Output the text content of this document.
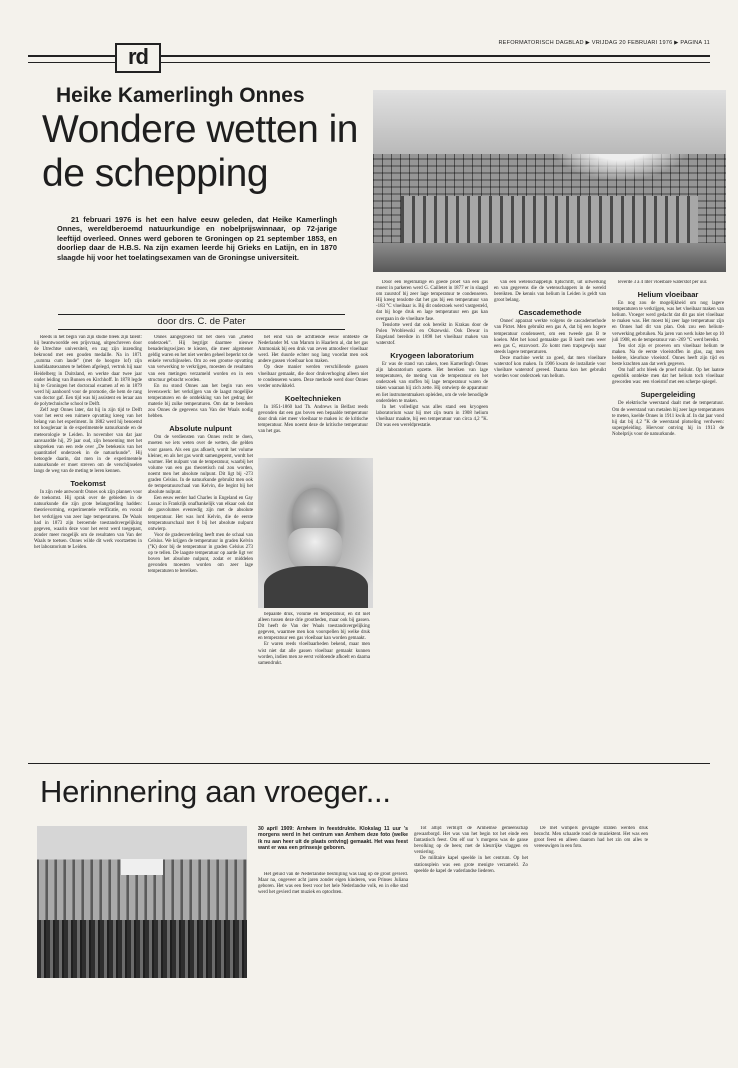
rd
REFORMATORISCH DAGBLAD ▶ VRIJDAG 20 FEBRUARI 1976 ▶ PAGINA 11
Heike Kamerlingh Onnes
Wondere wetten in de schepping
21 februari 1976 is het een halve eeuw geleden, dat Heike Kamerlingh Onnes, wereldberoemd natuurkundige en nobelprijswinnaar, op 72-jarige leeftijd overleed. Onnes werd geboren te Groningen op 21 september 1853, en doorliep daar de H.B.S. Na zijn examen leerde hij Grieks en Latijn, en in 1870 slaagde hij voor het toelatingsexamen van de Groningse universiteit.
door drs. C. de Pater

Reeds in het begin van zijn studie bleek zijn talent: hij beantwoordde een prijsvraag, uitgeschreven door de Utrechtse universiteit, en zag zijn inzending bekroond met een gouden medaille. Na in 1871 „summa cum laude” (met de hoogste lof) zijn kandidaatsexamen te hebben afgelegd, vertrok hij naar Heidelberg in Duitsland, en werkte daar twee jaar onder leiding van Bunsen en Kirchhoff. In 1878 legde hij te Groningen het doctoraal examen af en in 1879 werd hij aanhoord voor de promotie, die hem de rang van doctor gaf. Een tijd was hij assistent en leraar aan de polytechnische school te Delft.

Zelf zegt Onnes later, dat hij in zijn tijd te Delft voor het eerst een ruimere opvatting kreeg van het belang van het experiment. In 1882 werd hij benoemd tot hoogleraar in de experimentele natuurkunde en de meteorologie te Leiden. In november van dat jaar aanvaardde hij, 29 jaar oud, zijn benoeming met het uitspreken van een rede over „De betekenis van het quantitatief onderzoek in de natuurkunde”. Hij betoogde daarin, dat men in de experimentele natuurkunde er moet streven om de verschijnselen langs de weg van de meting te leren kennen.

Toekomst

In zijn rede antwoordt Onnes ook zijn plannen voor de toekomst. Hij sprak over de gebieden in de natuurkunde die zijn grote belangstelling hadden: theorievorming, experimentele verificatie, en vooral het verkrijgen van zeer lage temperaturen. De Waals had in 1873 zijn beroemde toestandsvergelijking gegeven, waarin deze voor het eerst werd toegepast, zonder meer mogelijk om de resultaten van Van der Waals te toetsen. Onnes wilde dit werk voortzetten in het laboratorium te Leiden.

Onnes aangegroeid tot het doen van „meted onderzoek”. Hij begrijpt daarmee nieuwe benaderingswijzen te kiezen, die meer algemener geldig waren en het niet werden geheel beperkt tot de enkele verschijnselen. Om zo een grootse opvatting van verwerking te verkrijgen, moesten de resultaten van een metingen verzameld worden en in een structuur gebracht worden.

En nu stond Onnes aan het begin van een levenswerk: het verkrijgen van de laagst mogelijke temperaturen en de ontdekking van het gedrag der materie bij zulke temperaturen. Om dat te bereiken zou Onnes de gegevens van Van der Waals nodig hebben.

Absolute nulpunt

Om de verdiensten van Onnes recht te doen, moeten we iets weten over de wetten, die gelden voor gassen. Als een gas afkoelt, wordt het volume kleiner, en als het gas wordt samengeperst, wordt het warmer. Het nulpunt van de temperatuur, waarbij het volume van een gas theoretisch nul zou worden, noemt men het absolute nulpunt. Dit ligt bij -273 graden Celsius. In de natuurkunde gebruikt men ook de temperatuurschaal van Kelvin, die begint bij het absolute nulpunt.

Een eeuw eerder had Charles in Engeland en Gay Lussac in Frankrijk onafhankelijk van elkaar ook dat de gasvolumes evenredig zijn met de absolute temperatuur. Het was lord Kelvin, die de eerste temperatuurschaal met 0 bij het absolute nulpunt ontwierp.

Voor de gradenverdeling heeft men de schaal van Celsius. We krijgen de temperatuur in graden Kelvin (°K) door bij de temperatuur in graden Celsius 273 op te tellen. De laagste temperatuur op aarde ligt ver boven het absolute nulpunt, zodat er middelen gevonden moesten worden om zeer lage temperaturen te bereiken.

het eind van de achttiende eeuw ontdekte de Nederlander M. van Marum in Haarlem al, dat het gas Ammoniak bij een druk van zeven atmosfeer vloeibaar werd. Het duurde echter nog lang voordat men ook andere gassen vloeibaar kon maken.

Op deze manier werden verschillende gassen vloeibaar gemaakt, die door drukverhoging alleen niet te condenseren waren. Deze methode werd door Onnes verder ontwikkeld.

Koeltechnieken

In 1851-1860 had Th. Andrews in Belfast reeds gevonden dat een gas boven een bepaalde temperatuur door druk niet meer vloeibaar te maken is: de kritische temperatuur. Men noemt deze de kritische temperatuur van het gas.

bepaalde druk, volume en temperatuur, en dit niet alleen tussen deze drie grootheden, maar ook bij gassen. Dit heeft de Van der Waals toestandsvergelijking gegeven, waarmee men kon voorspellen bij welke druk en temperatuur een gas vloeibaar kan worden gemaakt.

Er waren reeds vloeibaarheden bekend, maar men wist niet dat alle gassen vloeibaar gemaakt kunnen worden, indien men ze eerst voldoende afkoelt en daarna samendrukt.

Door een regelmatige en goede proef van een gas moest in parkeren werd G. Cailletet in 1877 er in slaagd om zuurstof bij zeer lage temperatuur te condenseren. Hij kreeg tenslotte dat het gas bij een temperatuur van -183 °C vloeibaar is. Bij dit onderzoek werd vastgesteld, dat bij hoge druk en lage temperatuur een gas kan overgaan in de vloeibare fase.

Tenslotte werd dat ook bereikt in Krakau door de Polen Wroblewski en Olszewski. Ook Dewar in Engeland bereikte in 1898 het vloeibaar maken van waterstof.

Kryogeen laboratorium

Er was de stand van zaken, toen Kamerlingh Onnes zijn laboratorium opzette. Het bereiken van lage temperaturen, de meting van de temperatuur en het onderzoek van stoffen bij lage temperatuur waren de taken waaraan hij zich zette. Hij ontwierp de apparatuur en liet instrumentmakers opleiden, om de vele benodigde onderdelen te maken.

In het volledigst was alles stand een kryogeen laboratorium waar hij met zijn team in 1908 helium vloeibaar maakte, bij een temperatuur van circa 4,2 °K. Dit was een wereldprestatie.

van een wetenschappelijk tijdschrift, uit uitwerking en van gegevens die de wetenschappers in de wereld bereikten. De kennis van helium in Leiden is geldt van groot belang.

Cascademethode

Onnes' apparaat werkte volgens de cascademethode van Pictet. Men gebruikt een gas A, dat bij een hogere temperatuur condenseert, om een tweede gas B te koelen. Met het koud gemaakte gas B koelt men weer een gas C, enzovoort. Zo komt men trapsgewijs naar steeds lagere temperaturen.

Deze machine werkt zo goed, dat men vloeibare waterstof kon maken. In 1906 kwam de installatie voor vloeibare waterstof gereed. Daarna kon het gebruikt worden voor onderzoek van helium.

leverde 3 à 4 liter vloeibare waterstof per uur.

Helium vloeibaar

En nog zou de mogelijkheid om nog lagere temperaturen te verkrijgen, was het vloeibaar maken van helium. Vroeger werd gedacht dat dit gas niet vloeibaar te maken was. Het moest bij zeer lage temperatuur zijn en Onnes had dit van plan. Ook zou een helium-verwerking gebruiken. Na jaren van werk lukte het op 10 juli 1908, en de temperatuur van -269 °C werd bereikt.

Ten slot zijn er proeven om vloeibaar helium te maken. Na de eerste vloeistoffen in glas, zag men heldere, kleurloze vloeistof. Onnes heeft zijn tijd en beste krachten aan dat werk gegeven.

Om half acht bleek de proef mislukt. Op het laatste ogenblik ontdekte men dat het helium toch vloeibaar geworden was: een vloeistof met een scherpe spiegel.

Supergeleiding

De elektrische weerstand daalt met de temperatuur. Om de weerstand van metalen bij zeer lage temperaturen te meten, koelde Onnes in 1911 kwik af. In dat jaar vond hij dat bij 4,2 °K de weerstand plotseling verdween: supergeleiding. Hiervoor ontving hij in 1913 de Nobelprijs voor de natuurkunde.

Herinnering aan vroeger...
30 april 1909: Arnhem in feestdrukte. Klokslag 11 uur 's morgens werd in het centrum van Arnhem deze foto (welke ik nu aan heer uit de plaats ontving) gemaakt. Het was feest want er was een prinsesje geboren.

Het geluid van de Nederlandse besmijling was laag op de groot gevierd. Maar na, ongeveer acht jaren zonder eigen kinderen, was Prinses Juliana geboren. Het was een feest voor het hele Nederlandse volk, en in elke stad werd het gevierd met muziek en optochten.

Tot altijd verblijft de Arnhemse gemeenschap gewaarborgd. Het was van het begin tot het einde een fantastisch feest. Om elf uur 's morgens was de ganse bevolking op de been; met de kleurrijke vlaggen en versiering.

De militaire kapel speelde in het centrum. Op het stationsplein was een grote menigte verzameld. Zo speelde de kapel de vaderlandse liederen.

De met wimpels gevlagde straten werden druk bezocht. Men schaarde rond de muziektent. Het was een groot feest en alleen daarom had het zin om alles te vereeuwigen in een foto.
